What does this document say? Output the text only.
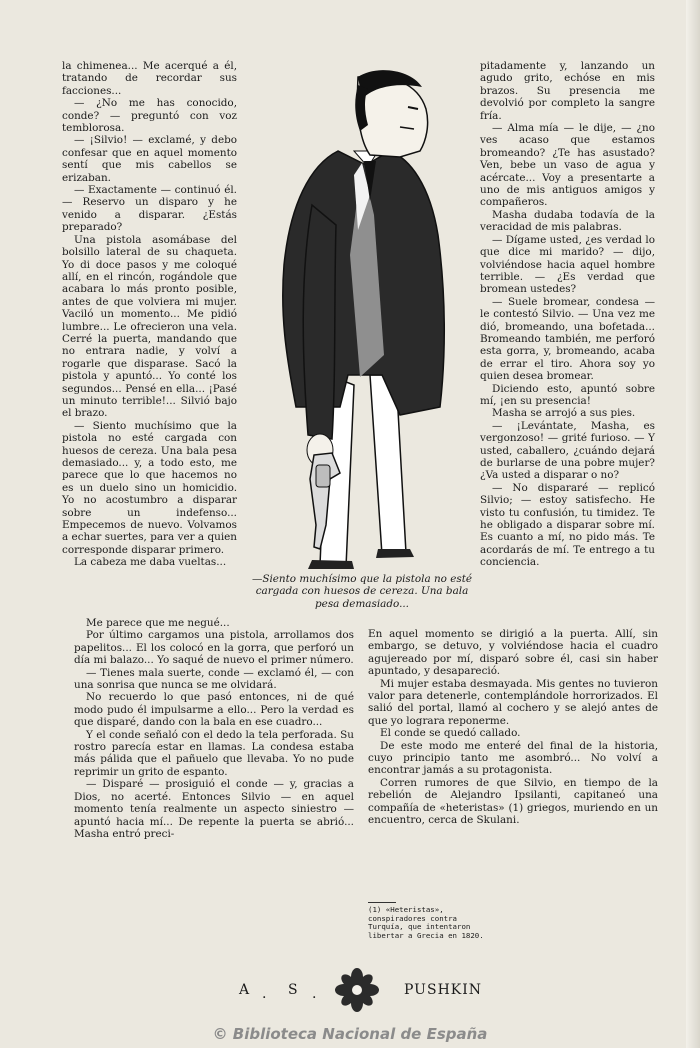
la chimenea... Me acerqué a él, tratando de recordar sus facciones...

— ¿No me has conocido, conde? — preguntó con voz temblorosa.

— ¡Silvio! — exclamé, y debo confesar que en aquel momento sentí que mis cabellos se erizaban.

— Exactamente — continuó él. — Reservo un disparo y he venido a disparar. ¿Estás preparado?

Una pistola asomábase del bolsillo lateral de su chaqueta. Yo di doce pasos y me coloqué allí, en el rincón, rogándole que acabara lo más pronto posible, antes de que volviera mi mujer. Vaciló un momento... Me pidió lumbre... Le ofrecieron una vela. Cerré la puerta, mandando que no entrara nadie, y volví a rogarle que disparase. Sacó la pistola y apuntó... Yo conté los segundos... Pensé en ella... ¡Pasé un minuto terrible!... Silvió bajo el brazo.

— Siento muchísimo que la pistola no esté cargada con huesos de cereza. Una bala pesa demasiado... y, a todo esto, me parece que lo que hacemos no es un duelo sino un homicidio. Yo no acostumbro a disparar sobre un indefenso... Empecemos de nuevo. Volvamos a echar suertes, para ver a quien corresponde disparar primero.

La cabeza me daba vueltas...

—Siento muchísimo que la pistola no esté cargada con huesos de cereza. Una bala pesa demasiado...

pitadamente y, lanzando un agudo grito, echóse en mis brazos. Su presencia me devolvió por completo la sangre fría.

— Alma mía — le dije, — ¿no ves acaso que estamos bromeando? ¿Te has asustado? Ven, bebe un vaso de agua y acércate... Voy a presentarte a uno de mis antiguos amigos y compañeros.

Masha dudaba todavía de la veracidad de mis palabras.

— Dígame usted, ¿es verdad lo que dice mi marido? — dijo, volviéndose hacia aquel hombre terrible. — ¿Es verdad que bromean ustedes?

— Suele bromear, condesa — le contestó Silvio. — Una vez me dió, bromeando, una bofetada... Bromeando también, me perforó esta gorra, y, bromeando, acaba de errar el tiro. Ahora soy yo quien desea bromear.

Diciendo esto, apuntó sobre mí, ¡en su presencia!

Masha se arrojó a sus pies.

— ¡Levántate, Masha, es vergonzoso! — grité furioso. — Y usted, caballero, ¿cuándo dejará de burlarse de una pobre mujer? ¿Va usted a disparar o no?

— No dispararé — replicó Silvio; — estoy satisfecho. He visto tu confusión, tu timidez. Te he obligado a disparar sobre mí. Es cuanto a mí, no pido más. Te acordarás de mí. Te entrego a tu conciencia.

Me parece que me negué...

Por último cargamos una pistola, arrollamos dos papelitos... El los colocó en la gorra, que perforó un día mi balazo... Yo saqué de nuevo el primer número.

— Tienes mala suerte, conde — exclamó él, — con una sonrisa que nunca se me olvidará.

No recuerdo lo que pasó entonces, ni de qué modo pudo él impulsarme a ello... Pero la verdad es que disparé, dando con la bala en ese cuadro...

Y el conde señaló con el dedo la tela perforada. Su rostro parecía estar en llamas. La condesa estaba más pálida que el pañuelo que llevaba. Yo no pude reprimir un grito de espanto.

— Disparé — prosiguió el conde — y, gracias a Dios, no acerté. Entonces Silvio — en aquel momento tenía realmente un aspecto siniestro — apuntó hacia mí... De repente la puerta se abrió... Masha entró preci-

En aquel momento se dirigió a la puerta. Allí, sin embargo, se detuvo, y volviéndose hacia el cuadro agujereado por mí, disparó sobre él, casi sin haber apuntado, y desapareció.

Mi mujer estaba desmayada. Mis gentes no tuvieron valor para detenerle, contemplándole horrorizados. El salió del portal, llamó al cochero y se alejó antes de que yo lograra reponerme.

El conde se quedó callado.

De este modo me enteré del final de la historia, cuyo principio tanto me asombró... No volví a encontrar jamás a su protagonista.

Corren rumores de que Silvio, en tiempo de la rebelión de Alejandro Ipsilanti, capitaneó una compañía de «heteristas» (1) griegos, muriendo en un encuentro, cerca de Skulani.

(1) «Heteristas», conspiradores contra Turquía, que intentaron libertar a Grecia en 1820.
A . S .	PUSHKIN
© Biblioteca Nacional de España
